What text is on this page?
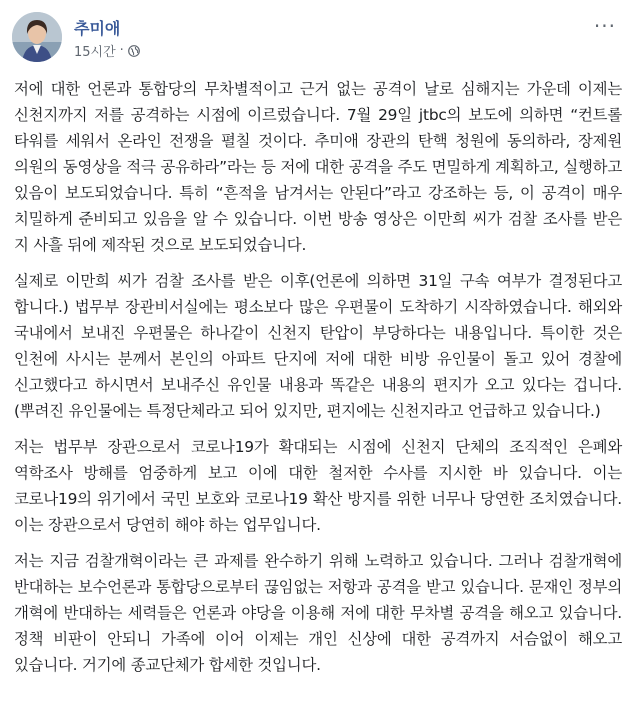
추미애
15시간 ·
···

저에 대한 언론과 통합당의 무차별적이고 근거 없는 공격이 날로 심해지는 가운데 이제는 신천지까지 저를 공격하는 시점에 이르렀습니다. 7월 29일 jtbc의 보도에 의하면 “컨트롤 타워를 세워서 온라인 전쟁을 펼칠 것이다. 추미애 장관의 탄핵 청원에 동의하라, 장제원 의원의 동영상을 적극 공유하라”라는 등 저에 대한 공격을 주도 면밀하게 계획하고, 실행하고 있음이 보도되었습니다. 특히 “흔적을 남겨서는 안된다”라고 강조하는 등, 이 공격이 매우 치밀하게 준비되고 있음을 알 수 있습니다. 이번 방송 영상은 이만희 씨가 검찰 조사를 받은 지 사흘 뒤에 제작된 것으로 보도되었습니다.

실제로 이만희 씨가 검찰 조사를 받은 이후(언론에 의하면 31일 구속 여부가 결정된다고 합니다.) 법무부 장관비서실에는 평소보다 많은 우편물이 도착하기 시작하였습니다. 해외와 국내에서 보내진 우편물은 하나같이 신천지 탄압이 부당하다는 내용입니다. 특이한 것은 인천에 사시는 분께서 본인의 아파트 단지에 저에 대한 비방 유인물이 돌고 있어 경찰에 신고했다고 하시면서 보내주신 유인물 내용과 똑같은 내용의 편지가 오고 있다는 겁니다.(뿌려진 유인물에는 특정단체라고 되어 있지만, 편지에는 신천지라고 언급하고 있습니다.)

저는 법무부 장관으로서 코로나19가 확대되는 시점에 신천지 단체의 조직적인 은폐와 역학조사 방해를 엄중하게 보고 이에 대한 철저한 수사를 지시한 바 있습니다. 이는 코로나19의 위기에서 국민 보호와 코로나19 확산 방지를 위한 너무나 당연한 조치였습니다. 이는 장관으로서 당연히 해야 하는 업무입니다.

저는 지금 검찰개혁이라는 큰 과제를 완수하기 위해 노력하고 있습니다. 그러나 검찰개혁에 반대하는 보수언론과 통합당으로부터 끊임없는 저항과 공격을 받고 있습니다. 문재인 정부의 개혁에 반대하는 세력들은 언론과 야당을 이용해 저에 대한 무차별 공격을 해오고 있습니다. 정책 비판이 안되니 가족에 이어 이제는 개인 신상에 대한 공격까지 서슴없이 해오고 있습니다. 거기에 종교단체가 합세한 것입니다.
